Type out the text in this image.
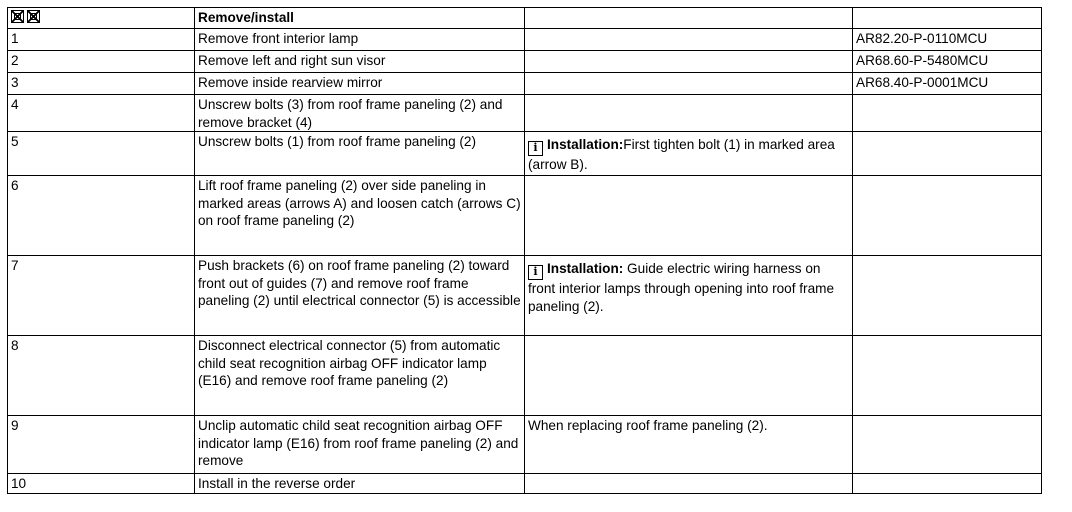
	Remove/install		
1	Remove front interior lamp		AR82.20-P-0110MCU
2	Remove left and right sun visor		AR68.60-P-5480MCU
3	Remove inside rearview mirror		AR68.40-P-0001MCU
4	Unscrew bolts (3) from roof frame paneling (2) and remove bracket (4)		
5	Unscrew bolts (1) from roof frame paneling (2)	i Installation:First tighten bolt (1) in marked area (arrow B).	

6	Lift roof frame paneling (2) over side paneling in marked areas (arrows A) and loosen catch (arrows C) on roof frame paneling (2)		
7	Push brackets (6) on roof frame paneling (2) toward front out of guides (7) and remove roof frame paneling (2) until electrical connector (5) is accessible	i Installation: Guide electric wiring harness on front interior lamps through opening into roof frame paneling (2).	

8	Disconnect electrical connector (5) from automatic child seat recognition airbag OFF indicator lamp (E16) and remove roof frame paneling (2)		
9	Unclip automatic child seat recognition airbag OFF indicator lamp (E16) from roof frame paneling (2) and remove	When replacing roof frame paneling (2).	
10	Install in the reverse order		
